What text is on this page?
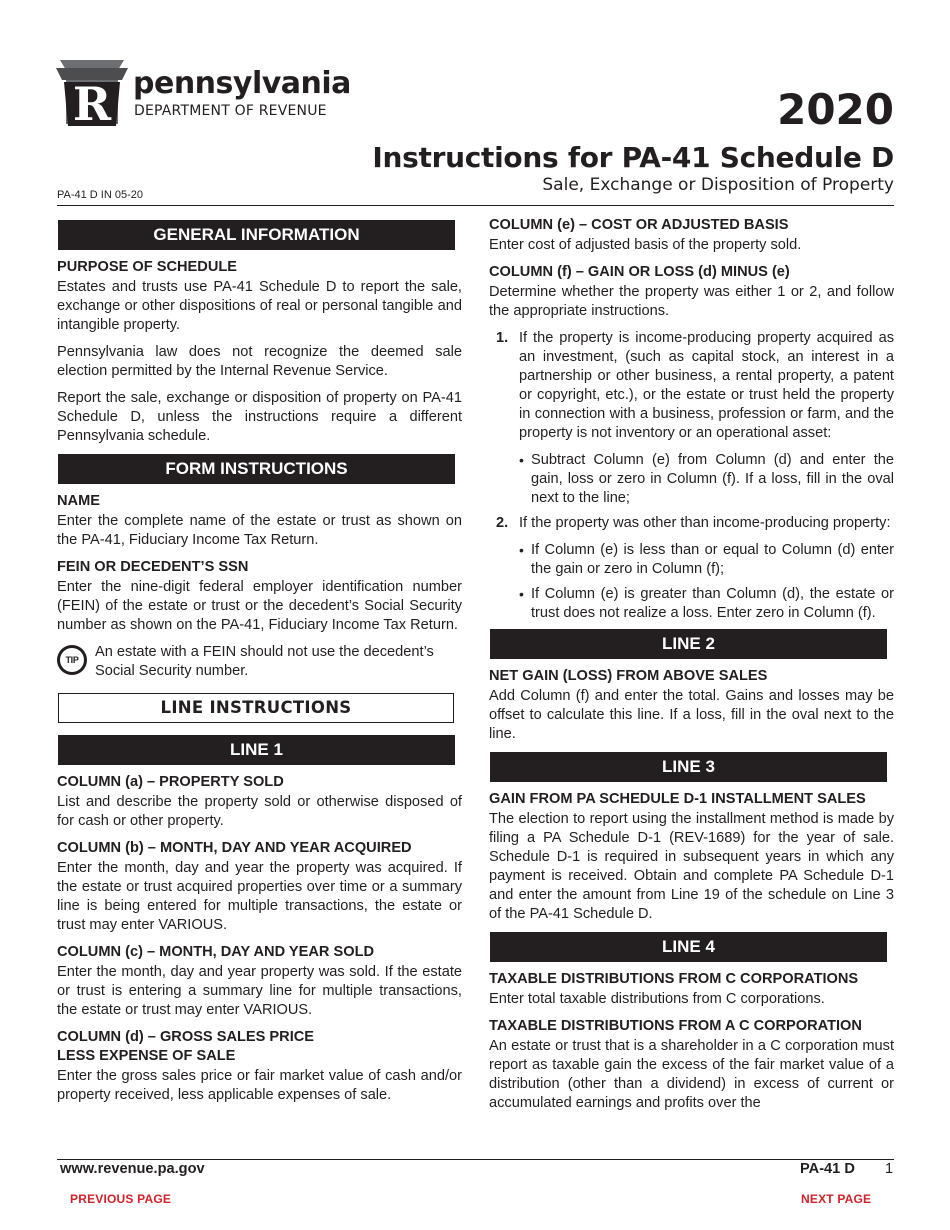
R pennsylvania
DEPARTMENT OF REVENUE	2020
Instructions for PA-41 Schedule D
Sale, Exchange or Disposition of Property
PA-41 D IN 05-20
GENERAL INFORMATION
PURPOSE OF SCHEDULE

Estates and trusts use PA-41 Schedule D to report the sale, exchange or other dispositions of real or personal tangible and intangible property.

Pennsylvania law does not recognize the deemed sale election permitted by the Internal Revenue Service.

Report the sale, exchange or disposition of property on PA-41 Schedule D, unless the instructions require a different Pennsylvania schedule.

FORM INSTRUCTIONS
NAME

Enter the complete name of the estate or trust as shown on the PA-41, Fiduciary Income Tax Return.

FEIN OR DECEDENT’S SSN

Enter the nine-digit federal employer identification number (FEIN) of the estate or trust or the decedent’s Social Security number as shown on the PA-41, Fiduciary Income Tax Return.

TIP	An estate with a FEIN should not use the decedent’s Social Security number.

LINE INSTRUCTIONS
LINE 1
COLUMN (a) – PROPERTY SOLD

List and describe the property sold or otherwise disposed of for cash or other property.

COLUMN (b) – MONTH, DAY AND YEAR ACQUIRED

Enter the month, day and year the property was acquired. If the estate or trust acquired properties over time or a summary line is being entered for multiple transactions, the estate or trust may enter VARIOUS.

COLUMN (c) – MONTH, DAY AND YEAR SOLD

Enter the month, day and year property was sold. If the estate or trust is entering a summary line for multiple transactions, the estate or trust may enter VARIOUS.

COLUMN (d) – GROSS SALES PRICE
LESS EXPENSE OF SALE

Enter the gross sales price or fair market value of cash and/or property received, less applicable expenses of sale.

COLUMN (e) – COST OR ADJUSTED BASIS

Enter cost of adjusted basis of the property sold.

COLUMN (f) – GAIN OR LOSS (d) MINUS (e)

Determine whether the property was either 1 or 2, and follow the appropriate instructions.

1. If the property is income-producing property acquired as an investment, (such as capital stock, an interest in a partnership or other business, a rental property, a patent or copyright, etc.), or the estate or trust held the property in connection with a business, profession or farm, and the property is not inventory or an operational asset:

• Subtract Column (e) from Column (d) and enter the gain, loss or zero in Column (f). If a loss, fill in the oval next to the line;

2. If the property was other than income-producing property:

• If Column (e) is less than or equal to Column (d) enter the gain or zero in Column (f);

• If Column (e) is greater than Column (d), the estate or trust does not realize a loss. Enter zero in Column (f).

LINE 2
NET GAIN (LOSS) FROM ABOVE SALES

Add Column (f) and enter the total. Gains and losses may be offset to calculate this line. If a loss, fill in the oval next to the line.

LINE 3
GAIN FROM PA SCHEDULE D-1 INSTALLMENT SALES

The election to report using the installment method is made by filing a PA Schedule D-1 (REV-1689) for the year of sale. Schedule D-1 is required in subsequent years in which any payment is received. Obtain and complete PA Schedule D-1 and enter the amount from Line 19 of the schedule on Line 3 of the PA-41 Schedule D.

LINE 4
TAXABLE DISTRIBUTIONS FROM C CORPORATIONS

Enter total taxable distributions from C corporations.

TAXABLE DISTRIBUTIONS FROM A C CORPORATION

An estate or trust that is a shareholder in a C corporation must report as taxable gain the excess of the fair market value of a distribution (other than a dividend) in excess of current or accumulated earnings and profits over the

www.revenue.pa.gov	PA-41 D 1
PREVIOUS PAGE	NEXT PAGE
